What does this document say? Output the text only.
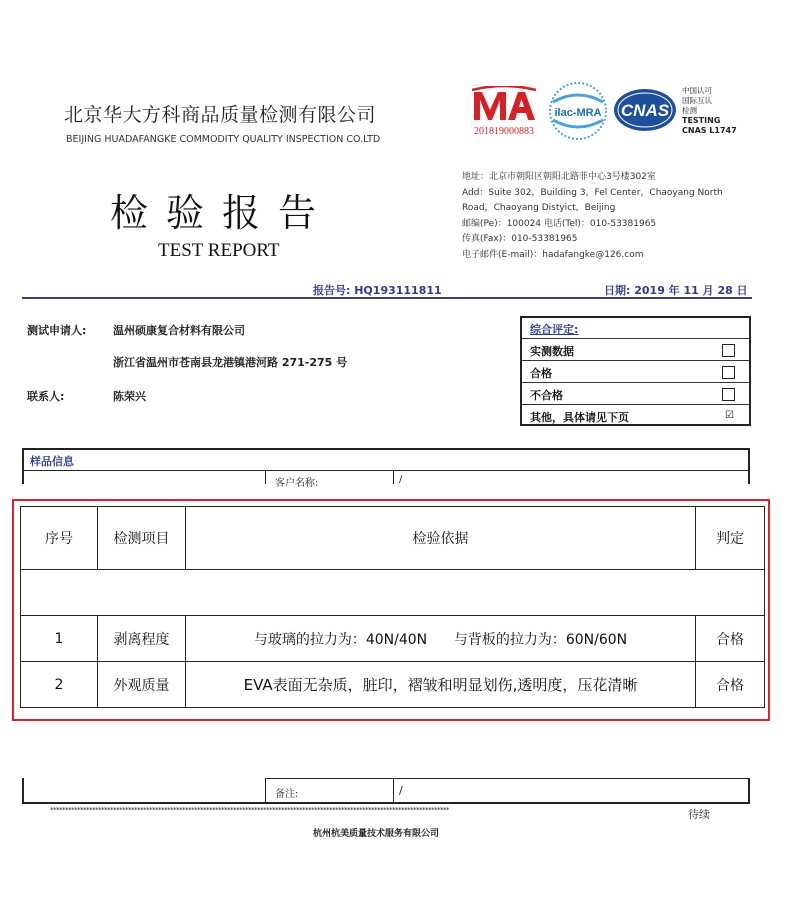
北京华大方科商品质量检测有限公司
BEIJING HUADAFANGKE COMMODITY QUALITY INSPECTION CO.LTD
检验报告
TEST REPORT
201819000883
ilac-MRA CNAS
中国认可
国际互认
检测
TESTING
CNAS L1747
地址：北京市朝阳区朝阳北路菲中心3号楼302室
Add：Suite 302，Building 3，Fel Center，Chaoyang North
Road，Chaoyang Distyict，Beijing
邮编(Pe)：100024 电话(Tel)：010-53381965
传真(Fax)：010-53381965
电子邮件(E-mail)：hadafangke@126.com
报告号: HQ193111811	日期: 2019 年 11 月 28 日
测试申请人: 温州硕康复合材料有限公司
浙江省温州市苍南县龙港镇港河路 271-275 号
联系人:	陈荣兴
综合评定:
实测数据
合格
不合格
其他，具体请见下页	☑
样品信息
客户名称:	/
序号	检测项目	检验依据	判定

1	剥离程度	与玻璃的拉力为：40N/40N      与背板的拉力为：60N/60N	合格
2	外观质量	EVA表面无杂质，脏印，褶皱和明显划伤,透明度，压花清晰	合格
备注:	/
*************************************************************************************************************************************	待续
杭州杭美质量技术服务有限公司
